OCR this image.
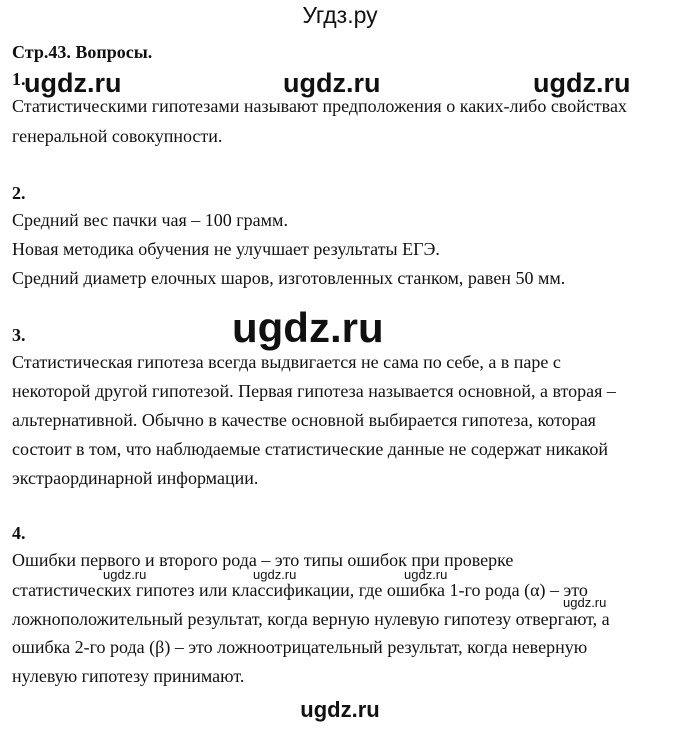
Угдз.ру
Стр.43. Вопросы.
1.
Статистическими гипотезами называют предположения о каких-либо свойствах
генеральной совокупности.
2.
Средний вес пачки чая – 100 грамм.
Новая методика обучения не улучшает результаты ЕГЭ.
Средний диаметр елочных шаров, изготовленных станком, равен 50 мм.
3.
Статистическая гипотеза всегда выдвигается не сама по себе, а в паре с
некоторой другой гипотезой. Первая гипотеза называется основной, а вторая –
альтернативной. Обычно в качестве основной выбирается гипотеза, которая
состоит в том, что наблюдаемые статистические данные не содержат никакой
экстраординарной информации.
4.
Ошибки первого и второго рода – это типы ошибок при проверке
статистических гипотез или классификации, где ошибка 1-го рода (α) – это
ложноположительный результат, когда верную нулевую гипотезу отвергают, а
ошибка 2-го рода (β) – это ложноотрицательный результат, когда неверную
нулевую гипотезу принимают.
ugdz.ru	ugdz.ru	ugdz.ru
ugdz.ru
ugdz.ru	ugdz.ru	ugdz.ru
ugdz.ru
ugdz.ru
